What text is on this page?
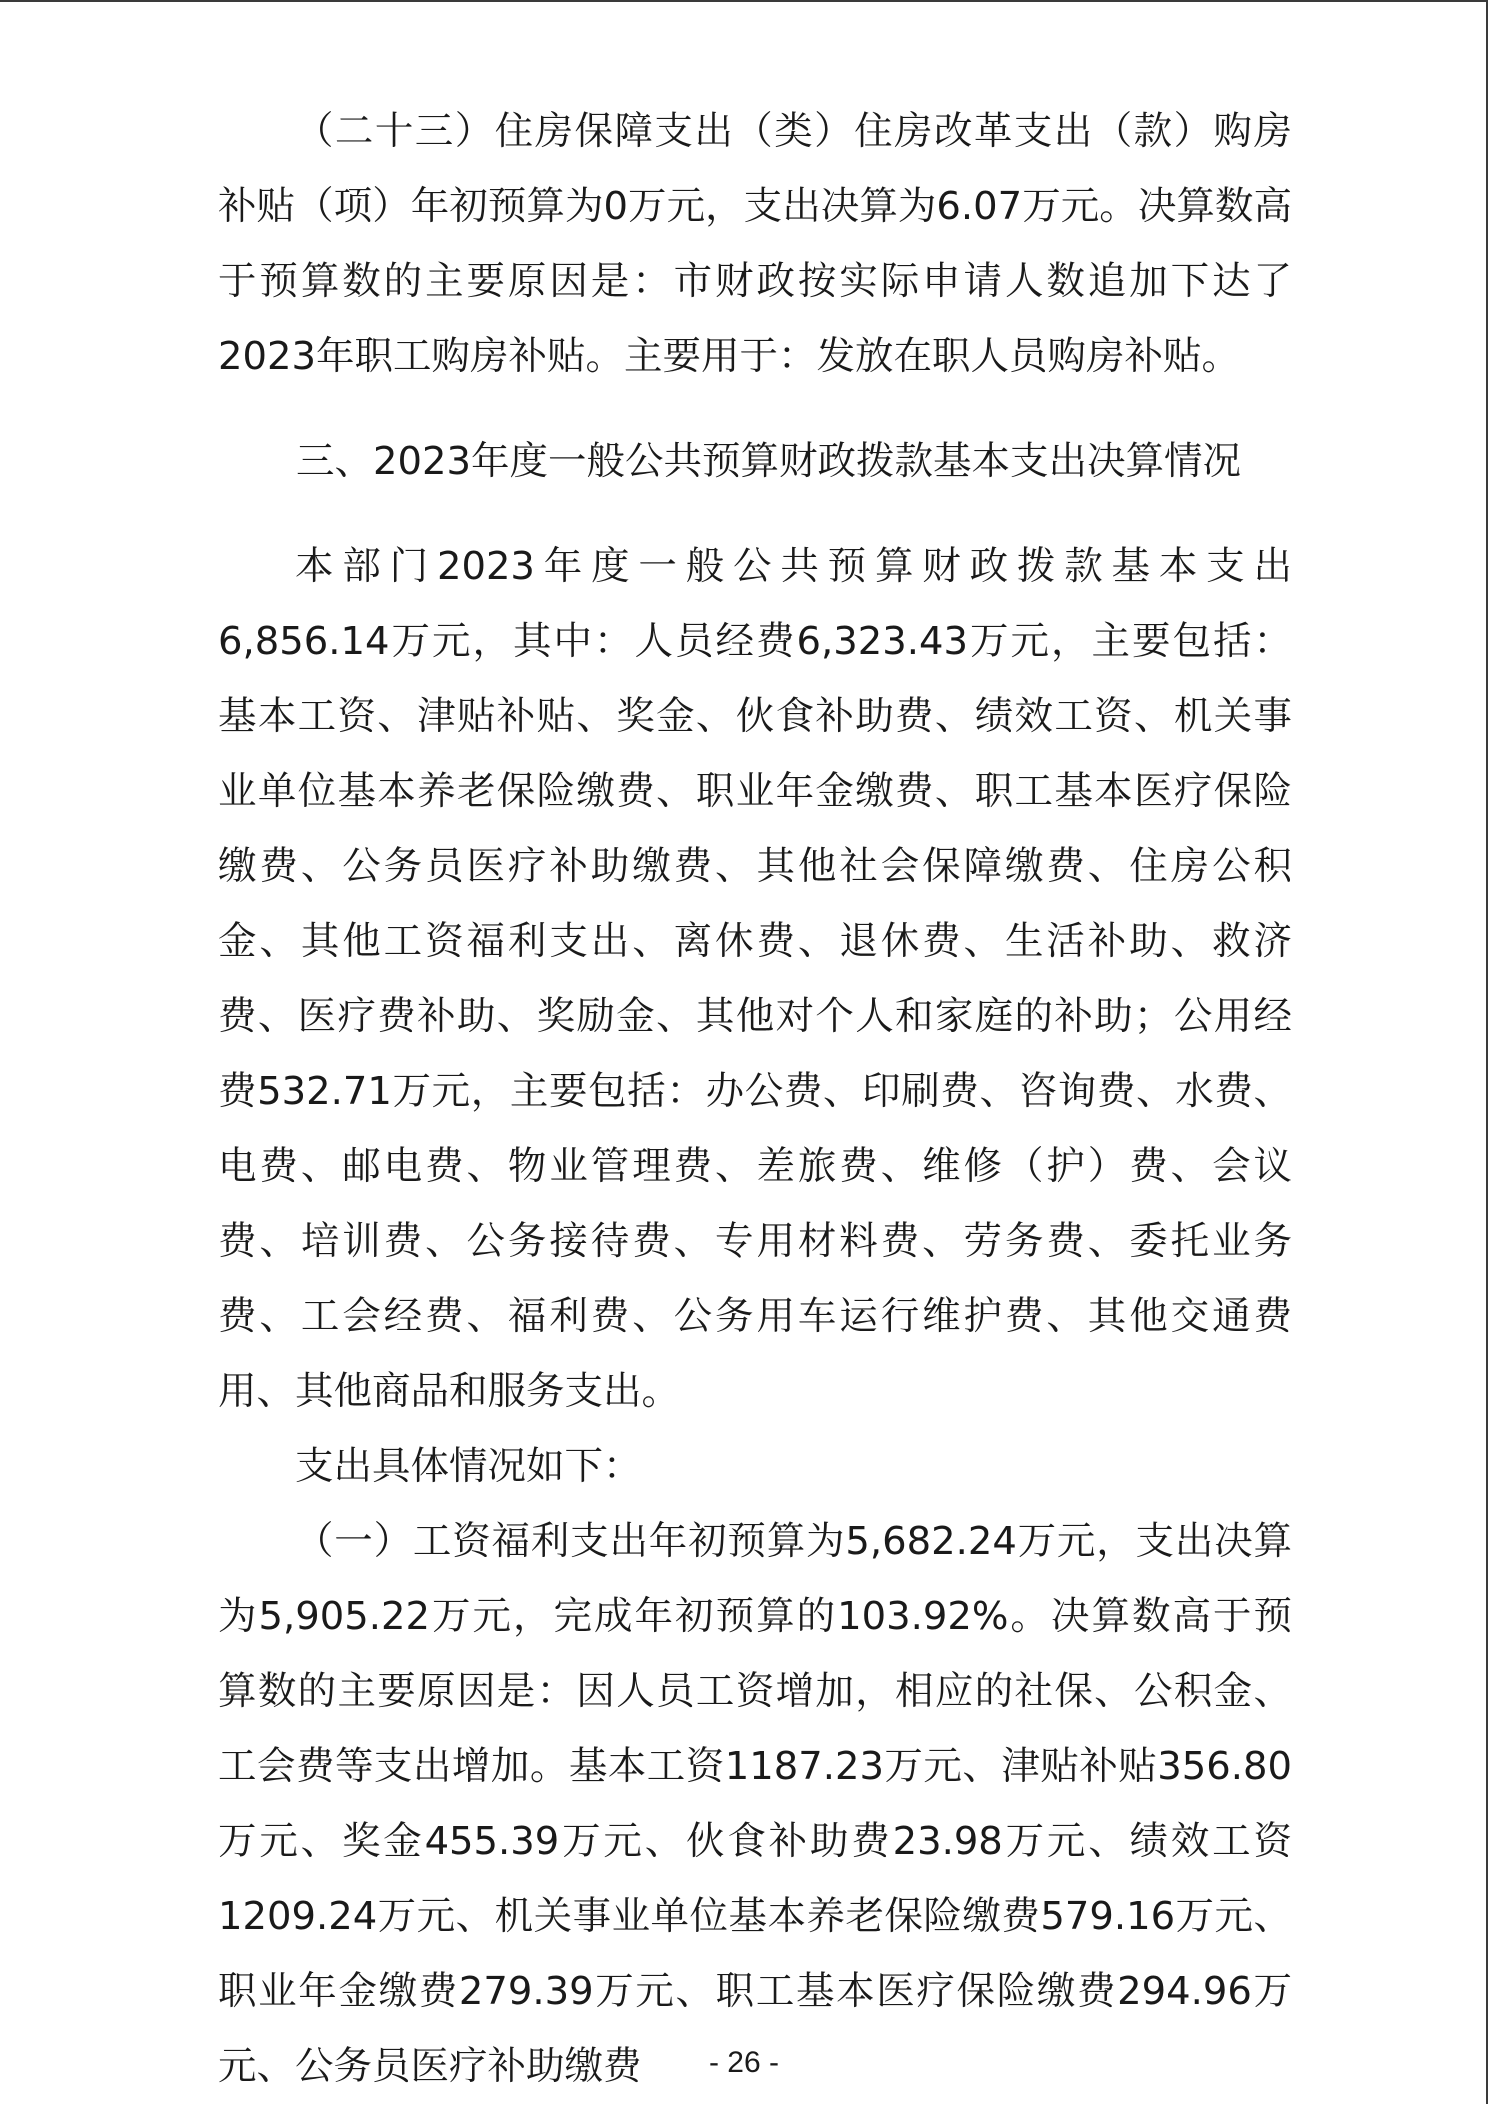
（二十三）住房保障支出（类）住房改革支出（款）购房补贴（项）年初预算为0万元，支出决算为6.07万元。决算数高于预算数的主要原因是：市财政按实际申请人数追加下达了2023年职工购房补贴。主要用于：发放在职人员购房补贴。

三、2023年度一般公共预算财政拨款基本支出决算情况

本部门2023年度一般公共预算财政拨款基本支出6,856.14万元，其中：人员经费6,323.43万元，主要包括：基本工资、津贴补贴、奖金、伙食补助费、绩效工资、机关事业单位基本养老保险缴费、职业年金缴费、职工基本医疗保险缴费、公务员医疗补助缴费、其他社会保障缴费、住房公积金、其他工资福利支出、离休费、退休费、生活补助、救济费、医疗费补助、奖励金、其他对个人和家庭的补助；公用经费532.71万元，主要包括：办公费、印刷费、咨询费、水费、电费、邮电费、物业管理费、差旅费、维修（护）费、会议费、培训费、公务接待费、专用材料费、劳务费、委托业务费、工会经费、福利费、公务用车运行维护费、其他交通费用、其他商品和服务支出。

支出具体情况如下：

（一）工资福利支出年初预算为5,682.24万元，支出决算为5,905.22万元，完成年初预算的103.92%。决算数高于预算数的主要原因是：因人员工资增加，相应的社保、公积金、工会费等支出增加。基本工资1187.23万元、津贴补贴356.80万元、奖金455.39万元、伙食补助费23.98万元、绩效工资1209.24万元、机关事业单位基本养老保险缴费579.16万元、职业年金缴费279.39万元、职工基本医疗保险缴费294.96万元、公务员医疗补助缴费	- 26 -
